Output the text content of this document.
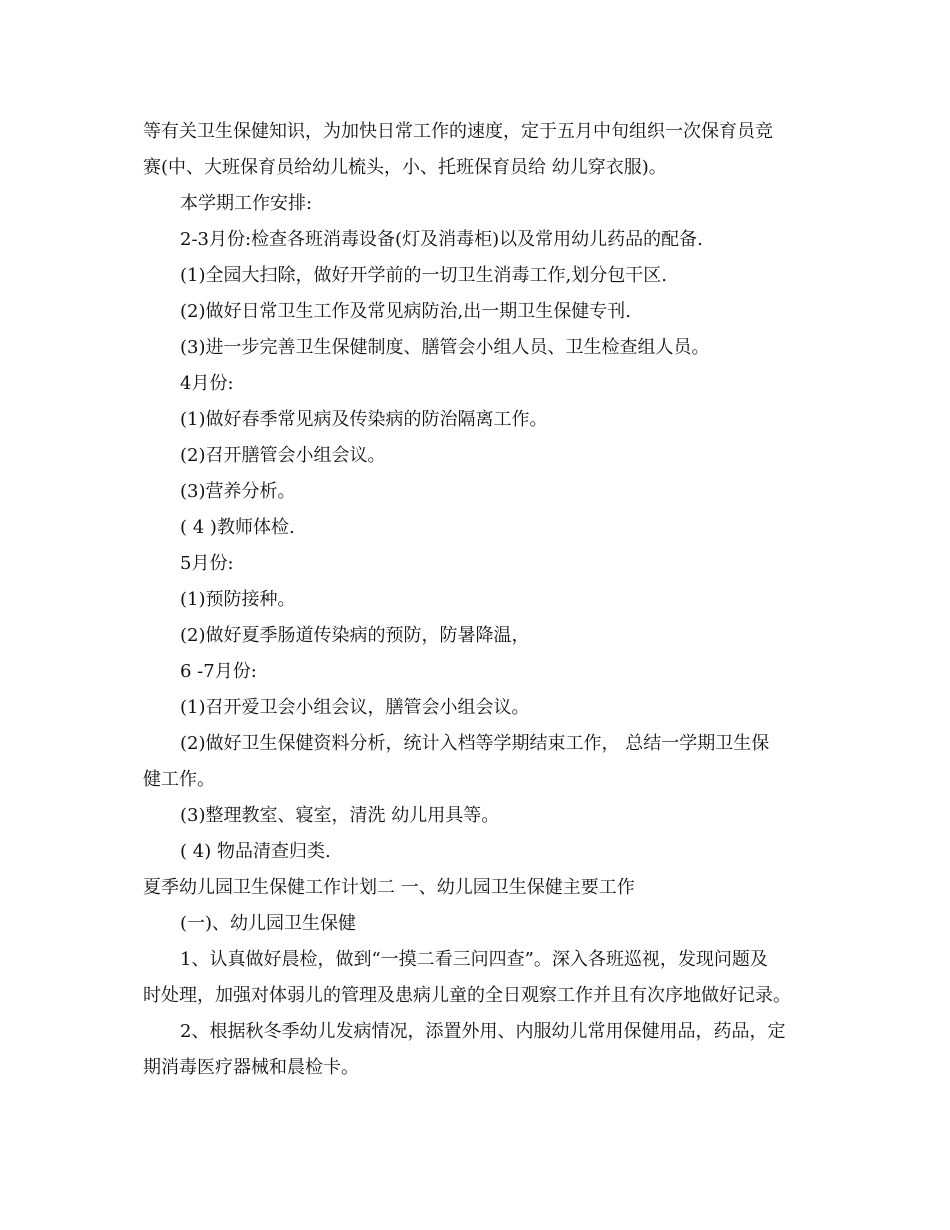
等有关卫生保健知识，为加快日常工作的速度，定于五月中旬组织一次保育员竞

赛(中、大班保育员给幼儿梳头，小、托班保育员给 幼儿穿衣服)。

本学期工作安排:

2-3月份:检查各班消毒设备(灯及消毒柜)以及常用幼儿药品的配备.

(1)全园大扫除，做好开学前的一切卫生消毒工作,划分包干区.

(2)做好日常卫生工作及常见病防治,出一期卫生保健专刊.

(3)进一步完善卫生保健制度、膳管会小组人员、卫生检查组人员。

4月份:

(1)做好春季常见病及传染病的防治隔离工作。

(2)召开膳管会小组会议。

(3)营养分析。

( 4 )教师体检.

5月份:

(1)预防接种。

(2)做好夏季肠道传染病的预防，防暑降温，

6 -7月份:

(1)召开爱卫会小组会议，膳管会小组会议。

(2)做好卫生保健资料分析，统计入档等学期结束工作， 总结一学期卫生保

健工作。

(3)整理教室、寝室，清洗 幼儿用具等。

( 4) 物品清查归类.

夏季幼儿园卫生保健工作计划二 一、幼儿园卫生保健主要工作

(一)、幼儿园卫生保健

1、认真做好晨检，做到“一摸二看三问四查”。深入各班巡视，发现问题及

时处理，加强对体弱儿的管理及患病儿童的全日观察工作并且有次序地做好记录。

2、根据秋冬季幼儿发病情况，添置外用、内服幼儿常用保健用品，药品，定

期消毒医疗器械和晨检卡。
